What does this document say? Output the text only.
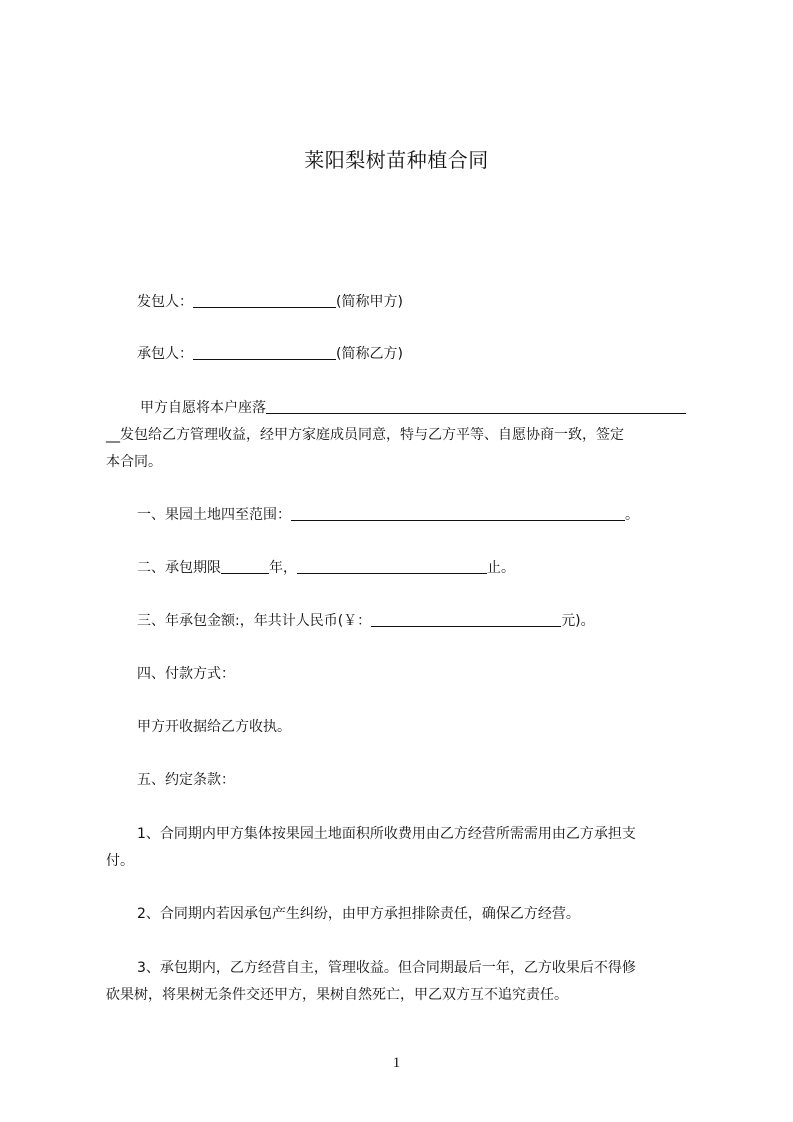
莱阳梨树苗种植合同
发包人：	(简称甲方)
承包人：	(简称乙方)
甲方自愿将本户座落
__发包给乙方管理收益，经甲方家庭成员同意，特与乙方平等、自愿协商一致，签定
本合同。
一、果园土地四至范围：	。
二、承包期限	年，	止。
三、年承包金额:，年共计人民币(￥：	元)。
四、付款方式：
甲方开收据给乙方收执。
五、约定条款：
1、合同期内甲方集体按果园土地面积所收费用由乙方经营所需需用由乙方承担支
付。
2、合同期内若因承包产生纠纷，由甲方承担排除责任，确保乙方经营。
3、承包期内，乙方经营自主，管理收益。但合同期最后一年，乙方收果后不得修
砍果树，将果树无条件交还甲方，果树自然死亡，甲乙双方互不追究责任。
1
